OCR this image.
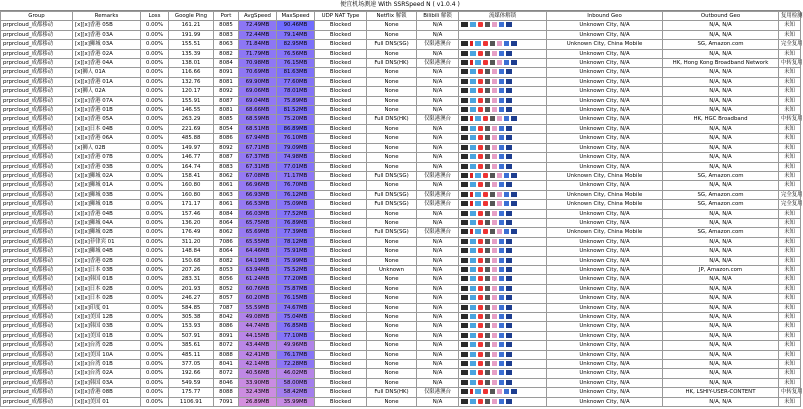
便宜机场测速 With SSRSpeed N ( v1.0.4 )
Group	Remarks	Loss	Google Ping	Port	AvgSpeed	MaxSpeed	UDP NAT Type	Netflix 解锁	Bilibili 解锁	流媒体解锁	Inbound Geo	Outbound Geo	复用检测
prprcloud_成都移动	[x][x]香港 05B	0.00%	161.21	8085	72.49MB	90.46MB	Blocked	None	N/A		Unknown City, N/A	N/A, N/A	未知
prprcloud_成都移动	[x][x]香港 03A	0.00%	191.99	8083	72.44MB	79.14MB	Blocked	None	N/A		Unknown City, N/A	N/A, N/A	未知
prprcloud_成都移动	[x][x]狮城 03A	0.00%	155.51	8063	71.84MB	82.95MB	Blocked	Full DNS(SG)	仅限港澳台		Unknown City, China Mobile	SG, Amazon.com	完全复用
prprcloud_成都移动	[x][x]香港 02A	0.00%	135.39	8082	71.79MB	76.56MB	Blocked	None	N/A		Unknown City, N/A	N/A, N/A	未知
prprcloud_成都移动	[x][x]香港 04A	0.00%	138.01	8084	70.98MB	76.15MB	Blocked	Full DNS(HK)	仅限港澳台		Unknown City, N/A	HK, Hong Kong Broadband Network	中转复用
prprcloud_成都移动	[x]狮人 01A	0.00%	116.66	8091	70.69MB	81.63MB	Blocked	None	N/A		Unknown City, N/A	N/A, N/A	未知
prprcloud_成都移动	[x][x]香港 01A	0.00%	132.76	8081	69.90MB	77.60MB	Blocked	None	N/A		Unknown City, N/A	N/A, N/A	未知
prprcloud_成都移动	[x]狮人 02A	0.00%	120.17	8092	69.06MB	78.01MB	Blocked	None	N/A		Unknown City, N/A	N/A, N/A	未知
prprcloud_成都移动	[x][x]香港 07A	0.00%	155.91	8087	69.04MB	75.89MB	Blocked	None	N/A		Unknown City, N/A	N/A, N/A	未知
prprcloud_成都移动	[x][x]香港 01B	0.00%	146.55	8081	68.66MB	81.52MB	Blocked	None	N/A		Unknown City, N/A	N/A, N/A	未知
prprcloud_成都移动	[x][x]香港 05A	0.00%	263.29	8085	68.59MB	75.20MB	Blocked	Full DNS(HK)	仅限港澳台		Unknown City, N/A	HK, HGC Broadband	中转复用
prprcloud_成都移动	[x][x]日本 04B	0.00%	221.69	8054	68.51MB	86.89MB	Blocked	None	N/A		Unknown City, N/A	N/A, N/A	未知
prprcloud_成都移动	[x][x]香港 06A	0.00%	485.88	8086	67.94MB	76.10MB	Blocked	None	N/A		Unknown City, N/A	N/A, N/A	未知
prprcloud_成都移动	[x]狮人 02B	0.00%	149.97	8092	67.71MB	79.09MB	Blocked	None	N/A		Unknown City, N/A	N/A, N/A	未知
prprcloud_成都移动	[x][x]香港 07B	0.00%	146.77	8087	67.37MB	74.98MB	Blocked	None	N/A		Unknown City, N/A	N/A, N/A	未知
prprcloud_成都移动	[x][x]香港 03B	0.00%	164.74	8083	67.31MB	77.01MB	Blocked	None	N/A		Unknown City, N/A	N/A, N/A	未知
prprcloud_成都移动	[x][x]狮城 02A	0.00%	158.41	8062	67.08MB	71.17MB	Blocked	Full DNS(SG)	仅限港澳台		Unknown City, China Mobile	SG, Amazon.com	未知
prprcloud_成都移动	[x][x]狮城 01A	0.00%	160.80	8061	66.96MB	76.70MB	Blocked	None	N/A		Unknown City, N/A	N/A, N/A	未知
prprcloud_成都移动	[x][x]狮城 03B	0.00%	160.80	8063	66.93MB	76.12MB	Blocked	Full DNS(SG)	仅限港澳台		Unknown City, China Mobile	SG, Amazon.com	完全复用
prprcloud_成都移动	[x][x]狮城 01B	0.00%	171.17	8061	66.53MB	75.09MB	Blocked	Full DNS(SG)	仅限港澳台		Unknown City, China Mobile	SG, Amazon.com	完全复用
prprcloud_成都移动	[x][x]香港 04B	0.00%	157.46	8084	66.03MB	77.52MB	Blocked	None	N/A		Unknown City, N/A	N/A, N/A	未知
prprcloud_成都移动	[x][x]狮城 04A	0.00%	136.20	8064	65.75MB	76.89MB	Blocked	None	N/A		Unknown City, N/A	N/A, N/A	未知
prprcloud_成都移动	[x][x]狮城 02B	0.00%	176.49	8062	65.69MB	77.39MB	Blocked	Full DNS(SG)	仅限港澳台		Unknown City, China Mobile	SG, Amazon.com	未知
prprcloud_成都移动	[x][x]菲律宾 01	0.00%	311.20	7086	65.55MB	78.12MB	Blocked	None	N/A		Unknown City, N/A	N/A, N/A	未知
prprcloud_成都移动	[x][x]狮城 04B	0.00%	148.84	8064	64.46MB	75.91MB	Blocked	None	N/A		Unknown City, N/A	N/A, N/A	未知
prprcloud_成都移动	[x][x]香港 02B	0.00%	150.68	8082	64.19MB	75.99MB	Blocked	None	N/A		Unknown City, N/A	N/A, N/A	未知
prprcloud_成都移动	[x][x]日本 03B	0.00%	207.26	8053	63.94MB	75.52MB	Blocked	Unknown	N/A		Unknown City, N/A	JP, Amazon.com	未知
prprcloud_成都移动	[x][x]韩国 01B	0.00%	283.31	8056	61.24MB	77.20MB	Blocked	None	N/A		Unknown City, N/A	N/A, N/A	未知
prprcloud_成都移动	[x][x]日本 02B	0.00%	201.93	8052	60.76MB	75.87MB	Blocked	None	N/A		Unknown City, N/A	N/A, N/A	未知
prprcloud_成都移动	[x][x]日本 02B	0.00%	246.27	8057	60.20MB	76.15MB	Blocked	None	N/A		Unknown City, N/A	N/A, N/A	未知
prprcloud_成都移动	[x][x]印度 01	0.00%	584.85	7087	55.59MB	74.67MB	Blocked	None	N/A		Unknown City, N/A	N/A, N/A	未知
prprcloud_成都移动	[x][x]美国 12B	0.00%	305.38	8042	49.08MB	75.04MB	Blocked	None	N/A		Unknown City, N/A	N/A, N/A	未知
prprcloud_成都移动	[x][x]韩国 03B	0.00%	153.93	8086	44.74MB	76.85MB	Blocked	None	N/A		Unknown City, N/A	N/A, N/A	未知
prprcloud_成都移动	[x][x]美国 01B	0.00%	507.91	8091	44.15MB	77.10MB	Blocked	None	N/A		Unknown City, N/A	N/A, N/A	未知
prprcloud_成都移动	[x][x]台湾 02B	0.00%	385.61	8072	43.44MB	49.96MB	Blocked	None	N/A		Unknown City, N/A	N/A, N/A	未知
prprcloud_成都移动	[x][x]美国 10A	0.00%	485.11	8088	42.41MB	76.17MB	Blocked	None	N/A		Unknown City, N/A	N/A, N/A	未知
prprcloud_成都移动	[x][x]台湾 01B	0.00%	377.05	8041	42.14MB	72.28MB	Blocked	None	N/A		Unknown City, N/A	N/A, N/A	未知
prprcloud_成都移动	[x][x]台湾 02A	0.00%	192.66	8072	40.56MB	46.02MB	Blocked	None	N/A		Unknown City, N/A	N/A, N/A	未知
prprcloud_成都移动	[x][x]韩国 03A	0.00%	549.59	8046	33.90MB	58.00MB	Blocked	None	N/A		Unknown City, N/A	N/A, N/A	未知
prprcloud_成都移动	[x][x]香港 08B	0.00%	175.77	8088	32.43MB	58.42MB	Blocked	Full DNS(HK)	仅限港澳台		Unknown City, N/A	HK, LSHIY-USER-CONTENT	中转复用
prprcloud_成都移动	[x][x]美国 01	0.00%	1106.91	7091	26.89MB	35.99MB	Blocked	None	N/A		Unknown City, N/A	N/A, N/A	未知
